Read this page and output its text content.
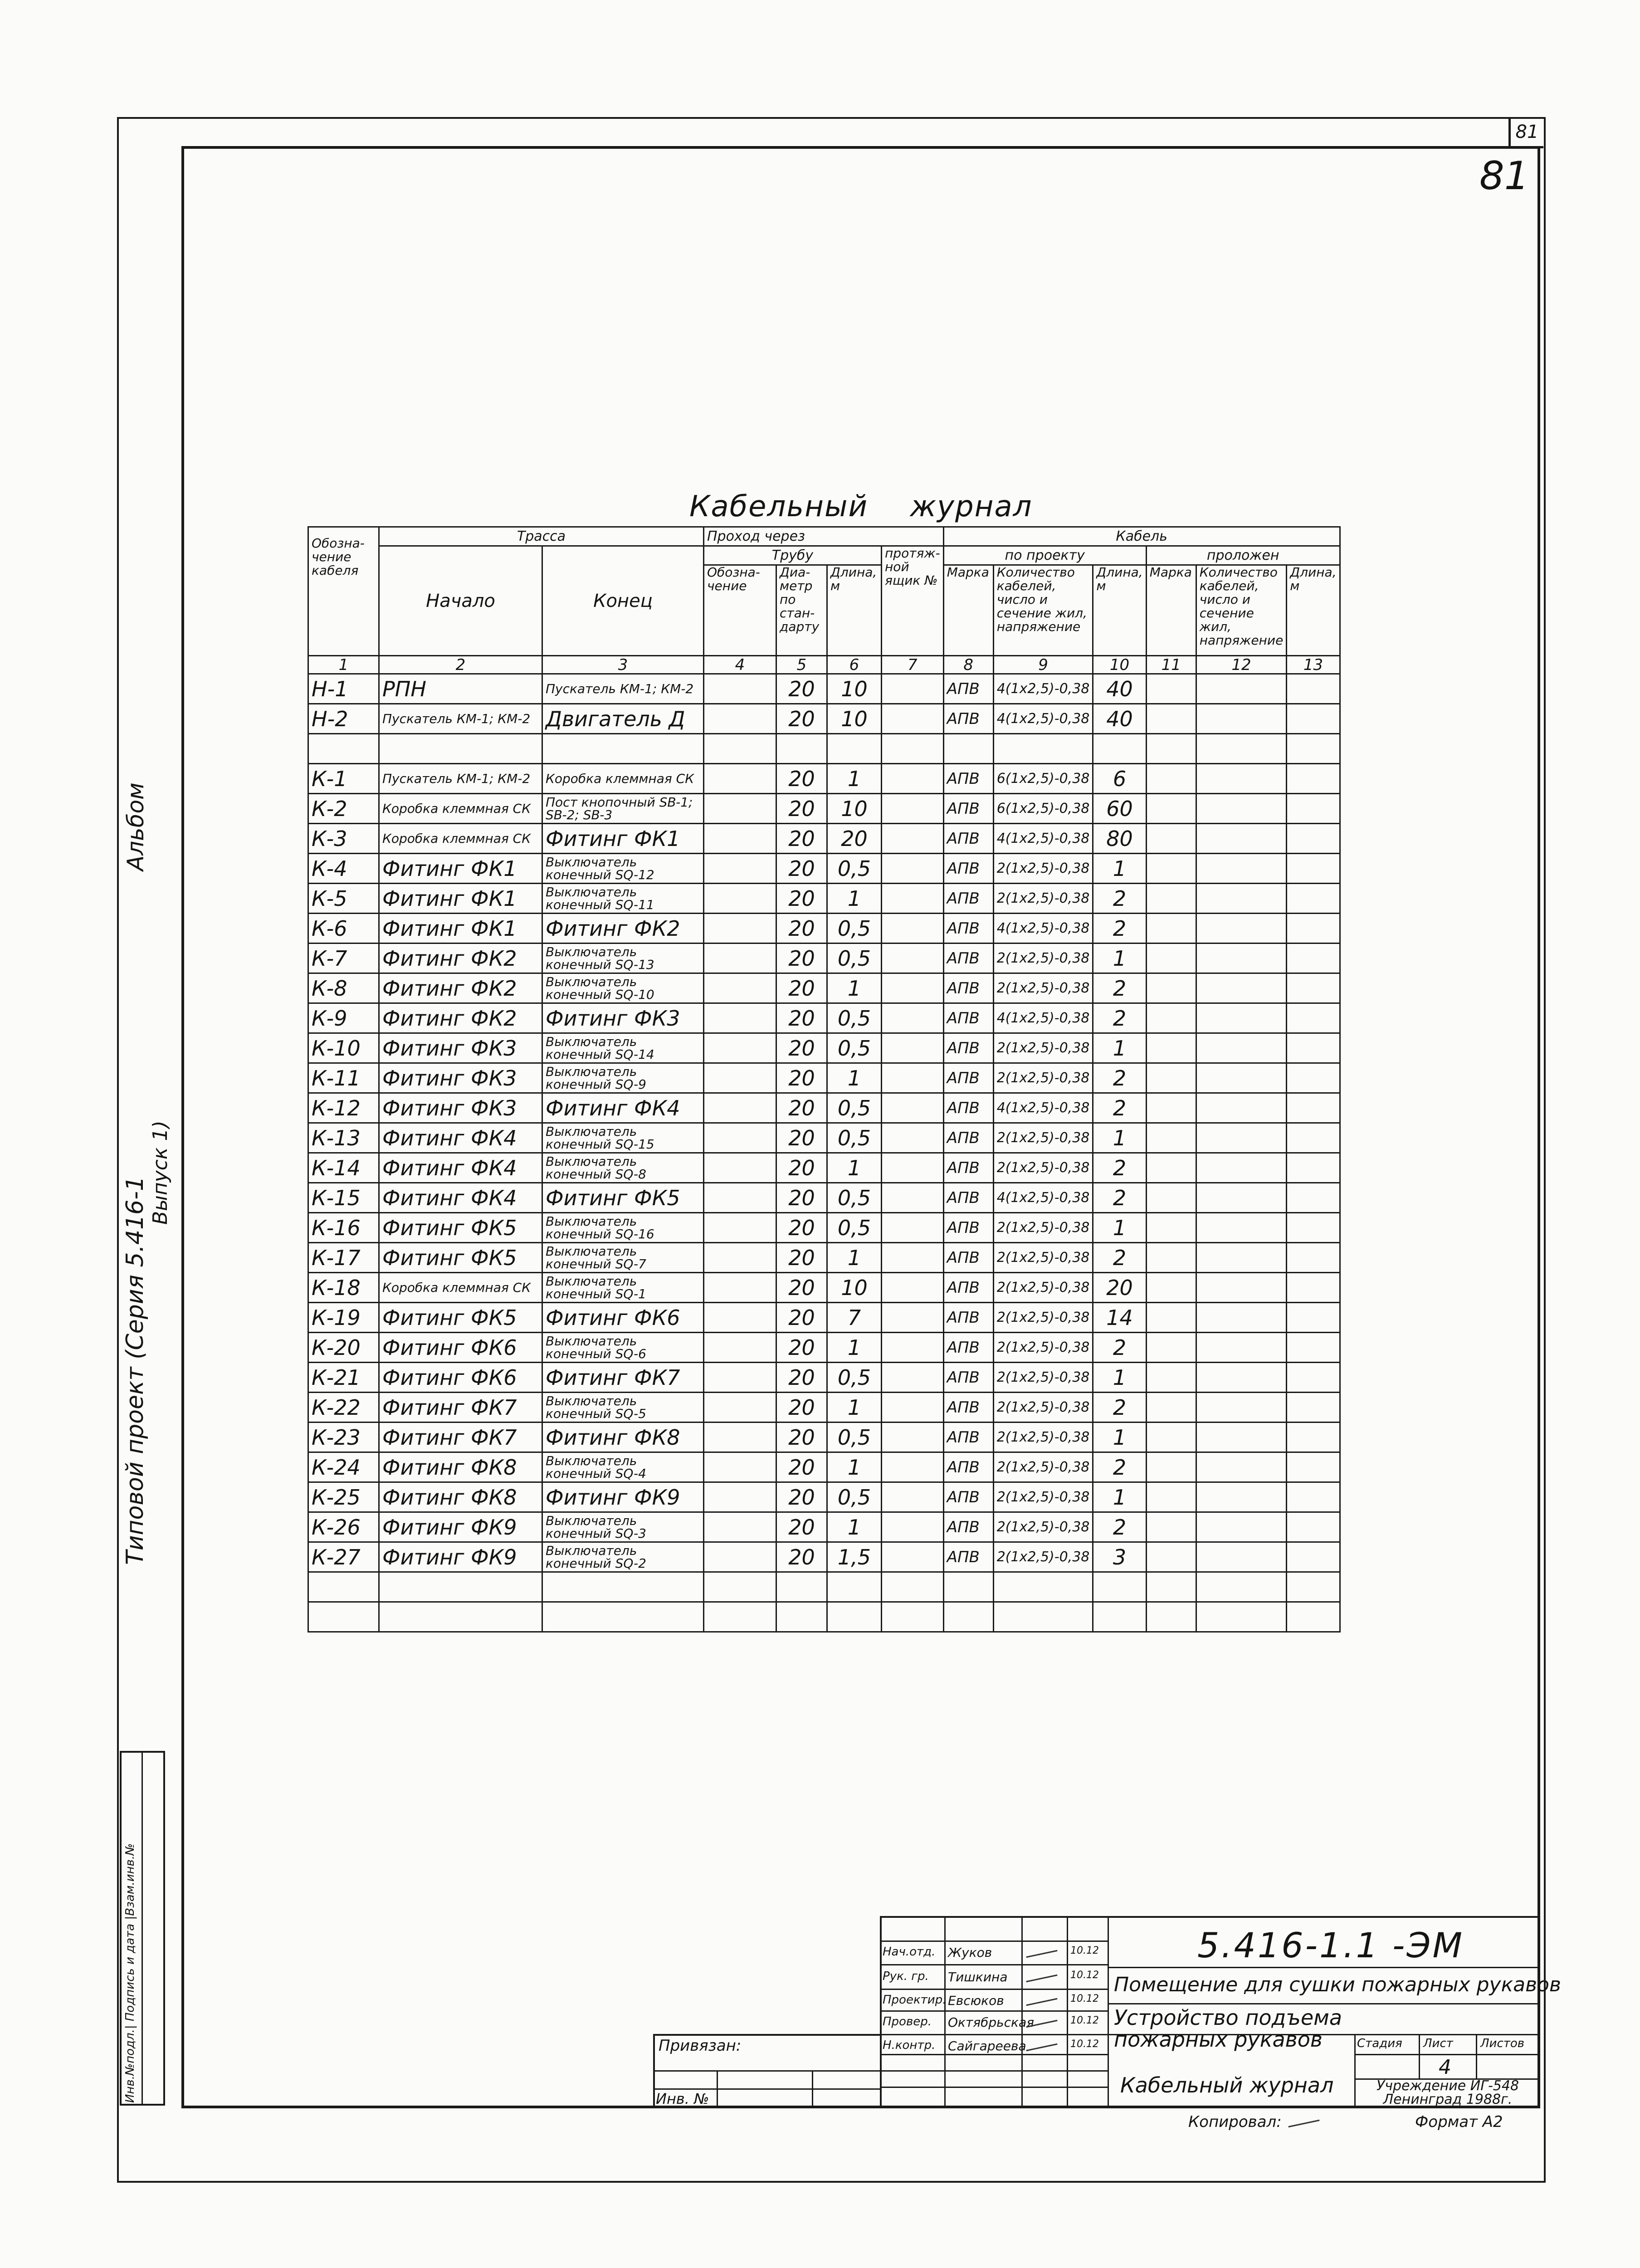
81
81
Альбом
Типовой проект (Серия 5.416-1
Выпуск 1)
Инв.№подл.| Подпись и дата |Взам.инв.№
Кабельный журнал
Обозна-чение кабеля	Трасса		Проход через				Кабель					
	Начало	Конец	Трубу			протяж-ной ящик №	по проекту			проложен		
			Обозна-чение	Диа-метр по стан-дарту	Длина, м		Марка	Количество кабелей, число и сечение жил, напряжение	Длина, м	Марка	Количество кабелей, число и сечение жил, напряжение	Длина, м

1	2	3	4	5	6	7	8	9	10	11	12	13
Н-1	РПН	Пускатель КМ-1; КМ-2		20	10		АПВ	4(1х2,5)-0,38	40			
Н-2	Пускатель КМ-1; КМ-2	Двигатель Д		20	10		АПВ	4(1х2,5)-0,38	40			

К-1	Пускатель КМ-1; КМ-2	Коробка клеммная СК		20	1		АПВ	6(1х2,5)-0,38	6			
К-2	Коробка клеммная СК	Пост кнопочный SB-1; SB-2; SB-3		20	10		АПВ	6(1х2,5)-0,38	60			
К-3	Коробка клеммная СК	Фитинг ФК1		20	20		АПВ	4(1х2,5)-0,38	80			
К-4	Фитинг ФК1	Выключатель конечный SQ-12		20	0,5		АПВ	2(1х2,5)-0,38	1			
К-5	Фитинг ФК1	Выключатель конечный SQ-11		20	1		АПВ	2(1х2,5)-0,38	2			
К-6	Фитинг ФК1	Фитинг ФК2		20	0,5		АПВ	4(1х2,5)-0,38	2			
К-7	Фитинг ФК2	Выключатель конечный SQ-13		20	0,5		АПВ	2(1х2,5)-0,38	1			
К-8	Фитинг ФК2	Выключатель конечный SQ-10		20	1		АПВ	2(1х2,5)-0,38	2			
К-9	Фитинг ФК2	Фитинг ФК3		20	0,5		АПВ	4(1х2,5)-0,38	2			
К-10	Фитинг ФК3	Выключатель конечный SQ-14		20	0,5		АПВ	2(1х2,5)-0,38	1			
К-11	Фитинг ФК3	Выключатель конечный SQ-9		20	1		АПВ	2(1х2,5)-0,38	2			
К-12	Фитинг ФК3	Фитинг ФК4		20	0,5		АПВ	4(1х2,5)-0,38	2			
К-13	Фитинг ФК4	Выключатель конечный SQ-15		20	0,5		АПВ	2(1х2,5)-0,38	1			
К-14	Фитинг ФК4	Выключатель конечный SQ-8		20	1		АПВ	2(1х2,5)-0,38	2			
К-15	Фитинг ФК4	Фитинг ФК5		20	0,5		АПВ	4(1х2,5)-0,38	2			
К-16	Фитинг ФК5	Выключатель конечный SQ-16		20	0,5		АПВ	2(1х2,5)-0,38	1			
К-17	Фитинг ФК5	Выключатель конечный SQ-7		20	1		АПВ	2(1х2,5)-0,38	2			
К-18	Коробка клеммная СК	Выключатель конечный SQ-1		20	10		АПВ	2(1х2,5)-0,38	20			
К-19	Фитинг ФК5	Фитинг ФК6		20	7		АПВ	2(1х2,5)-0,38	14			
К-20	Фитинг ФК6	Выключатель конечный SQ-6		20	1		АПВ	2(1х2,5)-0,38	2			
К-21	Фитинг ФК6	Фитинг ФК7		20	0,5		АПВ	2(1х2,5)-0,38	1			
К-22	Фитинг ФК7	Выключатель конечный SQ-5		20	1		АПВ	2(1х2,5)-0,38	2			
К-23	Фитинг ФК7	Фитинг ФК8		20	0,5		АПВ	2(1х2,5)-0,38	1			
К-24	Фитинг ФК8	Выключатель конечный SQ-4		20	1		АПВ	2(1х2,5)-0,38	2			
К-25	Фитинг ФК8	Фитинг ФК9		20	0,5		АПВ	2(1х2,5)-0,38	1			
К-26	Фитинг ФК9	Выключатель конечный SQ-3		20	1		АПВ	2(1х2,5)-0,38	2			
К-27	Фитинг ФК9	Выключатель конечный SQ-2		20	1,5		АПВ	2(1х2,5)-0,38	3			

Привязан:
Инв. №
5.416-1.1 -ЭМ
Помещение для сушки пожарных рукавов
Устройство подъема пожарных рукавов
Кабельный журнал
Стадия Лист Листов
4
Учреждение ИГ-548 Ленинград 1988г.
Нач.отд. Жуков	10.12
Рук. гр. Тишкина	10.12
Проектир. Евсюков	10.12
Провер. Октябрьская	10.12
Н.контр. Сайгареева	10.12
Копировал:	Формат А2
